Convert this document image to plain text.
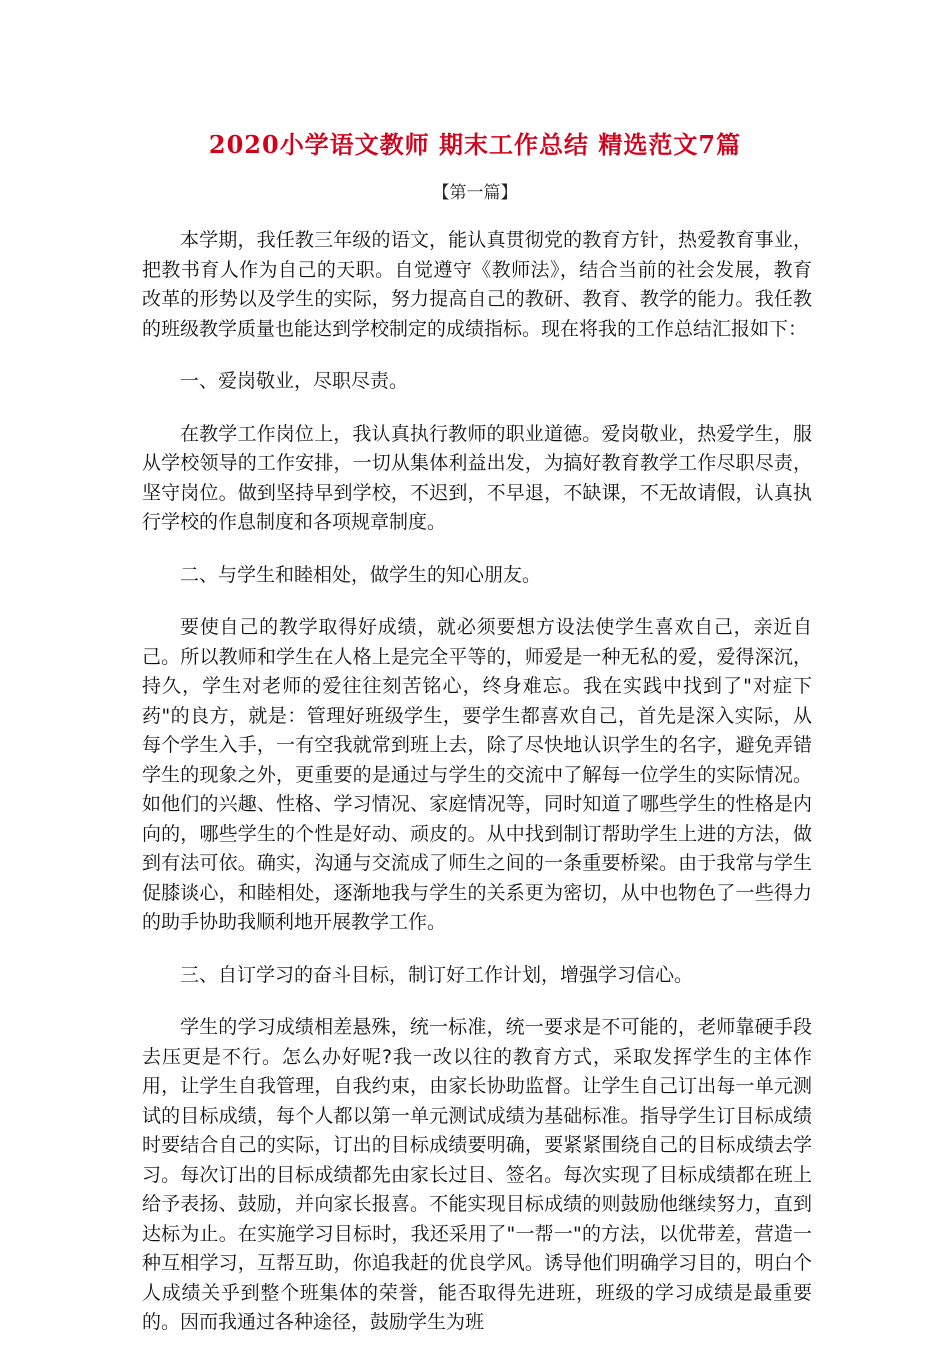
2020小学语文教师 期末工作总结 精选范文7篇
【第一篇】

本学期，我任教三年级的语文，能认真贯彻党的教育方针，热爱教育事业，把教书育人作为自己的天职。自觉遵守《教师法》，结合当前的社会发展，教育改革的形势以及学生的实际，努力提高自己的教研、教育、教学的能力。我任教的班级教学质量也能达到学校制定的成绩指标。现在将我的工作总结汇报如下：

一、爱岗敬业，尽职尽责。

在教学工作岗位上，我认真执行教师的职业道德。爱岗敬业，热爱学生，服从学校领导的工作安排，一切从集体利益出发，为搞好教育教学工作尽职尽责，坚守岗位。做到坚持早到学校，不迟到，不早退，不缺课，不无故请假，认真执行学校的作息制度和各项规章制度。

二、与学生和睦相处，做学生的知心朋友。

要使自己的教学取得好成绩，就必须要想方设法使学生喜欢自己，亲近自己。所以教师和学生在人格上是完全平等的，师爱是一种无私的爱，爱得深沉，持久，学生对老师的爱往往刻苦铭心，终身难忘。我在实践中找到了"对症下药"的良方，就是：管理好班级学生，要学生都喜欢自己，首先是深入实际，从每个学生入手，一有空我就常到班上去，除了尽快地认识学生的名字，避免弄错学生的现象之外，更重要的是通过与学生的交流中了解每一位学生的实际情况。如他们的兴趣、性格、学习情况、家庭情况等，同时知道了哪些学生的性格是内向的，哪些学生的个性是好动、顽皮的。从中找到制订帮助学生上进的方法，做到有法可依。确实，沟通与交流成了师生之间的一条重要桥梁。由于我常与学生促膝谈心，和睦相处，逐渐地我与学生的关系更为密切，从中也物色了一些得力的助手协助我顺利地开展教学工作。

三、自订学习的奋斗目标，制订好工作计划，增强学习信心。

学生的学习成绩相差悬殊，统一标准，统一要求是不可能的，老师靠硬手段去压更是不行。怎么办好呢?我一改以往的教育方式，采取发挥学生的主体作用，让学生自我管理，自我约束，由家长协助监督。让学生自己订出每一单元测试的目标成绩，每个人都以第一单元测试成绩为基础标准。指导学生订目标成绩时要结合自己的实际，订出的目标成绩要明确，要紧紧围绕自己的目标成绩去学习。每次订出的目标成绩都先由家长过目、签名。每次实现了目标成绩都在班上给予表扬、鼓励，并向家长报喜。不能实现目标成绩的则鼓励他继续努力，直到达标为止。在实施学习目标时，我还采用了"一帮一"的方法，以优带差，营造一种互相学习，互帮互助，你追我赶的优良学风。诱导他们明确学习目的，明白个人成绩关乎到整个班集体的荣誉，能否取得先进班，班级的学习成绩是最重要的。因而我通过各种途径，鼓励学生为班
